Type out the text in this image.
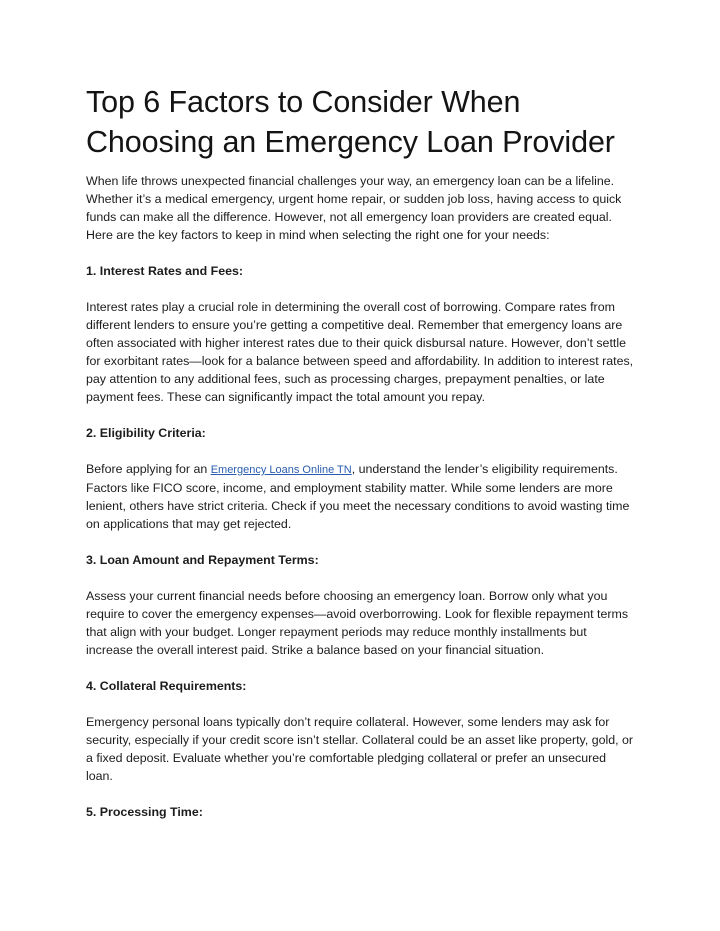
Top 6 Factors to Consider When Choosing an Emergency Loan Provider

When life throws unexpected financial challenges your way, an emergency loan can be a lifeline. Whether it’s a medical emergency, urgent home repair, or sudden job loss, having access to quick funds can make all the difference. However, not all emergency loan providers are created equal.

Here are the key factors to keep in mind when selecting the right one for your needs:

1. Interest Rates and Fees:

Interest rates play a crucial role in determining the overall cost of borrowing. Compare rates from different lenders to ensure you’re getting a competitive deal. Remember that emergency loans are often associated with higher interest rates due to their quick disbursal nature. However, don’t settle for exorbitant rates—look for a balance between speed and affordability. In addition to interest rates, pay attention to any additional fees, such as processing charges, prepayment penalties, or late payment fees. These can significantly impact the total amount you repay.

2. Eligibility Criteria:

Before applying for an Emergency Loans Online TN, understand the lender’s eligibility requirements. Factors like FICO score, income, and employment stability matter. While some lenders are more lenient, others have strict criteria. Check if you meet the necessary conditions to avoid wasting time on applications that may get rejected.

3. Loan Amount and Repayment Terms:

Assess your current financial needs before choosing an emergency loan. Borrow only what you require to cover the emergency expenses—avoid overborrowing. Look for flexible repayment terms that align with your budget. Longer repayment periods may reduce monthly installments but increase the overall interest paid. Strike a balance based on your financial situation.

4. Collateral Requirements:

Emergency personal loans typically don’t require collateral. However, some lenders may ask for security, especially if your credit score isn’t stellar. Collateral could be an asset like property, gold, or a fixed deposit. Evaluate whether you’re comfortable pledging collateral or prefer an unsecured loan.

5. Processing Time:
